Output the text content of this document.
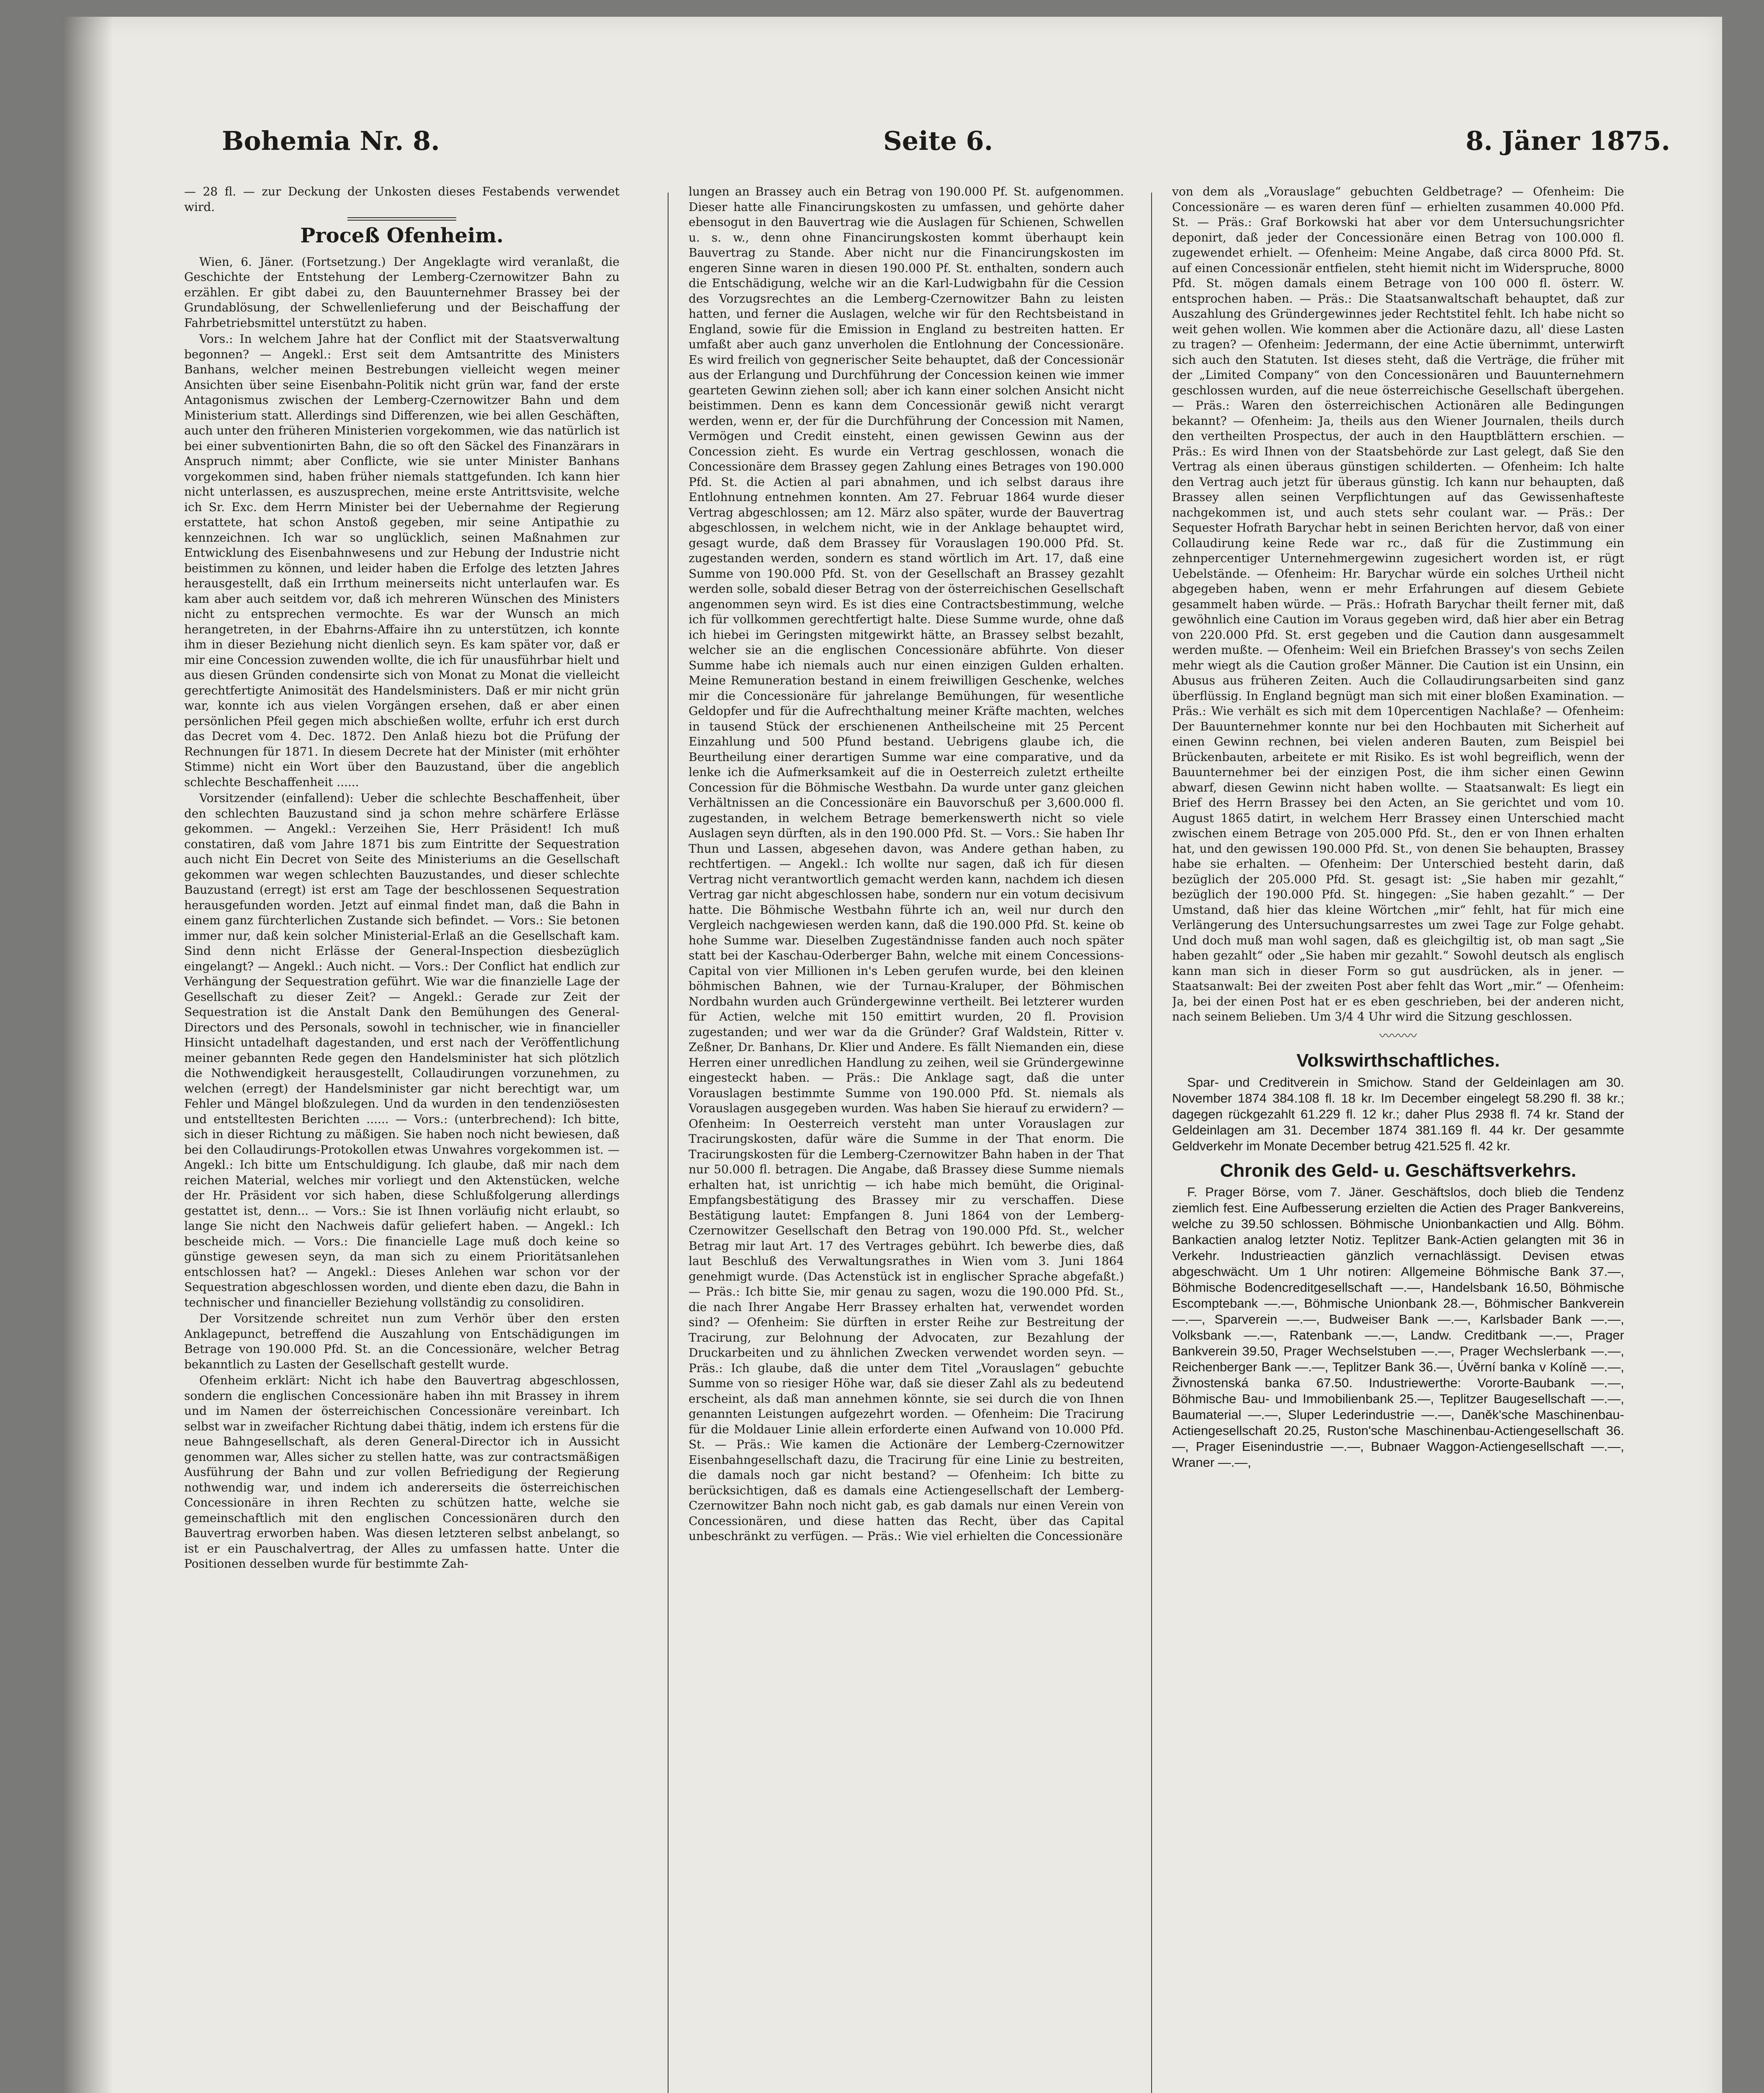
Bohemia Nr. 8.	Seite 6.	8. Jäner 1875.

— 28 fl. — zur Deckung der Unkosten dieses Festabends verwendet wird.

Proceß Ofenheim.

Wien, 6. Jäner. (Fortsetzung.) Der Angeklagte wird veranlaßt, die Geschichte der Entstehung der Lemberg-Czernowitzer Bahn zu erzählen. Er gibt dabei zu, den Bauunternehmer Brassey bei der Grundablösung, der Schwellenlieferung und der Beischaffung der Fahrbetriebsmittel unterstützt zu haben.

Vors.: In welchem Jahre hat der Conflict mit der Staatsverwaltung begonnen? — Angekl.: Erst seit dem Amtsantritte des Ministers Banhans, welcher meinen Bestrebungen vielleicht wegen meiner Ansichten über seine Eisenbahn-Politik nicht grün war, fand der erste Antagonismus zwischen der Lemberg-Czernowitzer Bahn und dem Ministerium statt. Allerdings sind Differenzen, wie bei allen Geschäften, auch unter den früheren Ministerien vorgekommen, wie das natürlich ist bei einer subventionirten Bahn, die so oft den Säckel des Finanzärars in Anspruch nimmt; aber Conflicte, wie sie unter Minister Banhans vorgekommen sind, haben früher niemals stattgefunden. Ich kann hier nicht unterlassen, es auszusprechen, meine erste Antrittsvisite, welche ich Sr. Exc. dem Herrn Minister bei der Uebernahme der Regierung erstattete, hat schon Anstoß gegeben, mir seine Antipathie zu kennzeichnen. Ich war so unglücklich, seinen Maßnahmen zur Entwicklung des Eisenbahnwesens und zur Hebung der Industrie nicht beistimmen zu können, und leider haben die Erfolge des letzten Jahres herausgestellt, daß ein Irrthum meinerseits nicht unterlaufen war. Es kam aber auch seitdem vor, daß ich mehreren Wünschen des Ministers nicht zu entsprechen vermochte. Es war der Wunsch an mich herangetreten, in der Ebahrns-Affaire ihn zu unterstützen, ich konnte ihm in dieser Beziehung nicht dienlich seyn. Es kam später vor, daß er mir eine Concession zuwenden wollte, die ich für unausführbar hielt und aus diesen Gründen condensirte sich von Monat zu Monat die vielleicht gerechtfertigte Animosität des Handelsministers. Daß er mir nicht grün war, konnte ich aus vielen Vorgängen ersehen, daß er aber einen persönlichen Pfeil gegen mich abschießen wollte, erfuhr ich erst durch das Decret vom 4. Dec. 1872. Den Anlaß hiezu bot die Prüfung der Rechnungen für 1871. In diesem Decrete hat der Minister (mit erhöhter Stimme) nicht ein Wort über den Bauzustand, über die angeblich schlechte Beschaffenheit ......

Vorsitzender (einfallend): Ueber die schlechte Beschaffenheit, über den schlechten Bauzustand sind ja schon mehre schärfere Erlässe gekommen. — Angekl.: Verzeihen Sie, Herr Präsident! Ich muß constatiren, daß vom Jahre 1871 bis zum Eintritte der Sequestration auch nicht Ein Decret von Seite des Ministeriums an die Gesellschaft gekommen war wegen schlechten Bauzustandes, und dieser schlechte Bauzustand (erregt) ist erst am Tage der beschlossenen Sequestration herausgefunden worden. Jetzt auf einmal findet man, daß die Bahn in einem ganz fürchterlichen Zustande sich befindet. — Vors.: Sie betonen immer nur, daß kein solcher Ministerial-Erlaß an die Gesellschaft kam. Sind denn nicht Erlässe der General-Inspection diesbezüglich eingelangt? — Angekl.: Auch nicht. — Vors.: Der Conflict hat endlich zur Verhängung der Sequestration geführt. Wie war die finanzielle Lage der Gesellschaft zu dieser Zeit? — Angekl.: Gerade zur Zeit der Sequestration ist die Anstalt Dank den Bemühungen des General-Directors und des Personals, sowohl in technischer, wie in financieller Hinsicht untadelhaft dagestanden, und erst nach der Veröffentlichung meiner gebannten Rede gegen den Handelsminister hat sich plötzlich die Nothwendigkeit herausgestellt, Collaudirungen vorzunehmen, zu welchen (erregt) der Handelsminister gar nicht berechtigt war, um Fehler und Mängel bloßzulegen. Und da wurden in den tendenziösesten und entstelltesten Berichten ...... — Vors.: (unterbrechend): Ich bitte, sich in dieser Richtung zu mäßigen. Sie haben noch nicht bewiesen, daß bei den Collaudirungs-Protokollen etwas Unwahres vorgekommen ist. — Angekl.: Ich bitte um Entschuldigung. Ich glaube, daß mir nach dem reichen Material, welches mir vorliegt und den Aktenstücken, welche der Hr. Präsident vor sich haben, diese Schlußfolgerung allerdings gestattet ist, denn... — Vors.: Sie ist Ihnen vorläufig nicht erlaubt, so lange Sie nicht den Nachweis dafür geliefert haben. — Angekl.: Ich bescheide mich. — Vors.: Die financielle Lage muß doch keine so günstige gewesen seyn, da man sich zu einem Prioritätsanlehen entschlossen hat? — Angekl.: Dieses Anlehen war schon vor der Sequestration abgeschlossen worden, und diente eben dazu, die Bahn in technischer und financieller Beziehung vollständig zu consolidiren.

Der Vorsitzende schreitet nun zum Verhör über den ersten Anklagepunct, betreffend die Auszahlung von Entschädigungen im Betrage von 190.000 Pfd. St. an die Concessionäre, welcher Betrag bekanntlich zu Lasten der Gesellschaft gestellt wurde.

Ofenheim erklärt: Nicht ich habe den Bauvertrag abgeschlossen, sondern die englischen Concessionäre haben ihn mit Brassey in ihrem und im Namen der österreichischen Concessionäre vereinbart. Ich selbst war in zweifacher Richtung dabei thätig, indem ich erstens für die neue Bahngesellschaft, als deren General-Director ich in Aussicht genommen war, Alles sicher zu stellen hatte, was zur contractsmäßigen Ausführung der Bahn und zur vollen Befriedigung der Regierung nothwendig war, und indem ich andererseits die österreichischen Concessionäre in ihren Rechten zu schützen hatte, welche sie gemeinschaftlich mit den englischen Concessionären durch den Bauvertrag erworben haben. Was diesen letzteren selbst anbelangt, so ist er ein Pauschalvertrag, der Alles zu umfassen hatte. Unter die Positionen desselben wurde für bestimmte Zah-

lungen an Brassey auch ein Betrag von 190.000 Pf. St. aufgenommen. Dieser hatte alle Financirungskosten zu umfassen, und gehörte daher ebensogut in den Bauvertrag wie die Auslagen für Schienen, Schwellen u. s. w., denn ohne Financirungskosten kommt überhaupt kein Bauvertrag zu Stande. Aber nicht nur die Financirungskosten im engeren Sinne waren in diesen 190.000 Pf. St. enthalten, sondern auch die Entschädigung, welche wir an die Karl-Ludwigbahn für die Cession des Vorzugsrechtes an die Lemberg-Czernowitzer Bahn zu leisten hatten, und ferner die Auslagen, welche wir für den Rechtsbeistand in England, sowie für die Emission in England zu bestreiten hatten. Er umfaßt aber auch ganz unverholen die Entlohnung der Concessionäre. Es wird freilich von gegnerischer Seite behauptet, daß der Concessionär aus der Erlangung und Durchführung der Concession keinen wie immer gearteten Gewinn ziehen soll; aber ich kann einer solchen Ansicht nicht beistimmen. Denn es kann dem Concessionär gewiß nicht verargt werden, wenn er, der für die Durchführung der Concession mit Namen, Vermögen und Credit einsteht, einen gewissen Gewinn aus der Concession zieht. Es wurde ein Vertrag geschlossen, wonach die Concessionäre dem Brassey gegen Zahlung eines Betrages von 190.000 Pfd. St. die Actien al pari abnahmen, und ich selbst daraus ihre Entlohnung entnehmen konnten. Am 27. Februar 1864 wurde dieser Vertrag abgeschlossen; am 12. März also später, wurde der Bauvertrag abgeschlossen, in welchem nicht, wie in der Anklage behauptet wird, gesagt wurde, daß dem Brassey für Vorauslagen 190.000 Pfd. St. zugestanden werden, sondern es stand wörtlich im Art. 17, daß eine Summe von 190.000 Pfd. St. von der Gesellschaft an Brassey gezahlt werden solle, sobald dieser Betrag von der österreichischen Gesellschaft angenommen seyn wird. Es ist dies eine Contractsbestimmung, welche ich für vollkommen gerechtfertigt halte. Diese Summe wurde, ohne daß ich hiebei im Geringsten mitgewirkt hätte, an Brassey selbst bezahlt, welcher sie an die englischen Concessionäre abführte. Von dieser Summe habe ich niemals auch nur einen einzigen Gulden erhalten. Meine Remuneration bestand in einem freiwilligen Geschenke, welches mir die Concessionäre für jahrelange Bemühungen, für wesentliche Geldopfer und für die Aufrechthaltung meiner Kräfte machten, welches in tausend Stück der erschienenen Antheilscheine mit 25 Percent Einzahlung und 500 Pfund bestand. Uebrigens glaube ich, die Beurtheilung einer derartigen Summe war eine comparative, und da lenke ich die Aufmerksamkeit auf die in Oesterreich zuletzt ertheilte Concession für die Böhmische Westbahn. Da wurde unter ganz gleichen Verhältnissen an die Concessionäre ein Bauvorschuß per 3,600.000 fl. zugestanden, in welchem Betrage bemerkenswerth nicht so viele Auslagen seyn dürften, als in den 190.000 Pfd. St. — Vors.: Sie haben Ihr Thun und Lassen, abgesehen davon, was Andere gethan haben, zu rechtfertigen. — Angekl.: Ich wollte nur sagen, daß ich für diesen Vertrag nicht verantwortlich gemacht werden kann, nachdem ich diesen Vertrag gar nicht abgeschlossen habe, sondern nur ein votum decisivum hatte. Die Böhmische Westbahn führte ich an, weil nur durch den Vergleich nachgewiesen werden kann, daß die 190.000 Pfd. St. keine ob hohe Summe war. Dieselben Zugeständnisse fanden auch noch später statt bei der Kaschau-Oderberger Bahn, welche mit einem Concessions-Capital von vier Millionen in's Leben gerufen wurde, bei den kleinen böhmischen Bahnen, wie der Turnau-Kraluper, der Böhmischen Nordbahn wurden auch Gründergewinne vertheilt. Bei letzterer wurden für Actien, welche mit 150 emittirt wurden, 20 fl. Provision zugestanden; und wer war da die Gründer? Graf Waldstein, Ritter v. Zeßner, Dr. Banhans, Dr. Klier und Andere. Es fällt Niemanden ein, diese Herren einer unredlichen Handlung zu zeihen, weil sie Gründergewinne eingesteckt haben. — Präs.: Die Anklage sagt, daß die unter Vorauslagen bestimmte Summe von 190.000 Pfd. St. niemals als Vorauslagen ausgegeben wurden. Was haben Sie hierauf zu erwidern? — Ofenheim: In Oesterreich versteht man unter Vorauslagen zur Tracirungskosten, dafür wäre die Summe in der That enorm. Die Tracirungskosten für die Lemberg-Czernowitzer Bahn haben in der That nur 50.000 fl. betragen. Die Angabe, daß Brassey diese Summe niemals erhalten hat, ist unrichtig — ich habe mich bemüht, die Original-Empfangsbestätigung des Brassey mir zu verschaffen. Diese Bestätigung lautet: Empfangen 8. Juni 1864 von der Lemberg-Czernowitzer Gesellschaft den Betrag von 190.000 Pfd. St., welcher Betrag mir laut Art. 17 des Vertrages gebührt. Ich bewerbe dies, daß laut Beschluß des Verwaltungsrathes in Wien vom 3. Juni 1864 genehmigt wurde. (Das Actenstück ist in englischer Sprache abgefaßt.) — Präs.: Ich bitte Sie, mir genau zu sagen, wozu die 190.000 Pfd. St., die nach Ihrer Angabe Herr Brassey erhalten hat, verwendet worden sind? — Ofenheim: Sie dürften in erster Reihe zur Bestreitung der Tracirung, zur Belohnung der Advocaten, zur Bezahlung der Druckarbeiten und zu ähnlichen Zwecken verwendet worden seyn. — Präs.: Ich glaube, daß die unter dem Titel „Vorauslagen“ gebuchte Summe von so riesiger Höhe war, daß sie dieser Zahl als zu bedeutend erscheint, als daß man annehmen könnte, sie sei durch die von Ihnen genannten Leistungen aufgezehrt worden. — Ofenheim: Die Tracirung für die Moldauer Linie allein erforderte einen Aufwand von 10.000 Pfd. St. — Präs.: Wie kamen die Actionäre der Lemberg-Czernowitzer Eisenbahngesellschaft dazu, die Tracirung für eine Linie zu bestreiten, die damals noch gar nicht bestand? — Ofenheim: Ich bitte zu berücksichtigen, daß es damals eine Actiengesellschaft der Lemberg-Czernowitzer Bahn noch nicht gab, es gab damals nur einen Verein von Concessionären, und diese hatten das Recht, über das Capital unbeschränkt zu verfügen. — Präs.: Wie viel erhielten die Concessionäre

von dem als „Vorauslage“ gebuchten Geldbetrage? — Ofenheim: Die Concessionäre — es waren deren fünf — erhielten zusammen 40.000 Pfd. St. — Präs.: Graf Borkowski hat aber vor dem Untersuchungsrichter deponirt, daß jeder der Concessionäre einen Betrag von 100.000 fl. zugewendet erhielt. — Ofenheim: Meine Angabe, daß circa 8000 Pfd. St. auf einen Concessionär entfielen, steht hiemit nicht im Widerspruche, 8000 Pfd. St. mögen damals einem Betrage von 100 000 fl. österr. W. entsprochen haben. — Präs.: Die Staatsanwaltschaft behauptet, daß zur Auszahlung des Gründergewinnes jeder Rechtstitel fehlt. Ich habe nicht so weit gehen wollen. Wie kommen aber die Actionäre dazu, all' diese Lasten zu tragen? — Ofenheim: Jedermann, der eine Actie übernimmt, unterwirft sich auch den Statuten. Ist dieses steht, daß die Verträge, die früher mit der „Limited Company“ von den Concessionären und Bauunternehmern geschlossen wurden, auf die neue österreichische Gesellschaft übergehen. — Präs.: Waren den österreichischen Actionären alle Bedingungen bekannt? — Ofenheim: Ja, theils aus den Wiener Journalen, theils durch den vertheilten Prospectus, der auch in den Hauptblättern erschien. — Präs.: Es wird Ihnen von der Staatsbehörde zur Last gelegt, daß Sie den Vertrag als einen überaus günstigen schilderten. — Ofenheim: Ich halte den Vertrag auch jetzt für überaus günstig. Ich kann nur behaupten, daß Brassey allen seinen Verpflichtungen auf das Gewissenhafteste nachgekommen ist, und auch stets sehr coulant war. — Präs.: Der Sequester Hofrath Barychar hebt in seinen Berichten hervor, daß von einer Collaudirung keine Rede war rc., daß für die Zustimmung ein zehnpercentiger Unternehmergewinn zugesichert worden ist, er rügt Uebelstände. — Ofenheim: Hr. Barychar würde ein solches Urtheil nicht abgegeben haben, wenn er mehr Erfahrungen auf diesem Gebiete gesammelt haben würde. — Präs.: Hofrath Barychar theilt ferner mit, daß gewöhnlich eine Caution im Voraus gegeben wird, daß hier aber ein Betrag von 220.000 Pfd. St. erst gegeben und die Caution dann ausgesammelt werden mußte. — Ofenheim: Weil ein Briefchen Brassey's von sechs Zeilen mehr wiegt als die Caution großer Männer. Die Caution ist ein Unsinn, ein Abusus aus früheren Zeiten. Auch die Collaudirungsarbeiten sind ganz überflüssig. In England begnügt man sich mit einer bloßen Examination. — Präs.: Wie verhält es sich mit dem 10percentigen Nachlaße? — Ofenheim: Der Bauunternehmer konnte nur bei den Hochbauten mit Sicherheit auf einen Gewinn rechnen, bei vielen anderen Bauten, zum Beispiel bei Brückenbauten, arbeitete er mit Risiko. Es ist wohl begreiflich, wenn der Bauunternehmer bei der einzigen Post, die ihm sicher einen Gewinn abwarf, diesen Gewinn nicht haben wollte. — Staatsanwalt: Es liegt ein Brief des Herrn Brassey bei den Acten, an Sie gerichtet und vom 10. August 1865 datirt, in welchem Herr Brassey einen Unterschied macht zwischen einem Betrage von 205.000 Pfd. St., den er von Ihnen erhalten hat, und den gewissen 190.000 Pfd. St., von denen Sie behaupten, Brassey habe sie erhalten. — Ofenheim: Der Unterschied besteht darin, daß bezüglich der 205.000 Pfd. St. gesagt ist: „Sie haben mir gezahlt,“ bezüglich der 190.000 Pfd. St. hingegen: „Sie haben gezahlt.“ — Der Umstand, daß hier das kleine Wörtchen „mir“ fehlt, hat für mich eine Verlängerung des Untersuchungsarrestes um zwei Tage zur Folge gehabt. Und doch muß man wohl sagen, daß es gleichgiltig ist, ob man sagt „Sie haben gezahlt“ oder „Sie haben mir gezahlt.“ Sowohl deutsch als englisch kann man sich in dieser Form so gut ausdrücken, als in jener. — Staatsanwalt: Bei der zweiten Post aber fehlt das Wort „mir.“ — Ofenheim: Ja, bei der einen Post hat er es eben geschrieben, bei der anderen nicht, nach seinem Belieben. Um 3/4 4 Uhr wird die Sitzung geschlossen.

〰〰〰
Volkswirthschaftliches.

Spar- und Creditverein in Smichow. Stand der Geldeinlagen am 30. November 1874 384.108 fl. 18 kr. Im December eingelegt 58.290 fl. 38 kr.; dagegen rückgezahlt 61.229 fl. 12 kr.; daher Plus 2938 fl. 74 kr. Stand der Geldeinlagen am 31. December 1874 381.169 fl. 44 kr. Der gesammte Geldverkehr im Monate December betrug 421.525 fl. 42 kr.

Chronik des Geld- u. Geschäftsverkehrs.

F. Prager Börse, vom 7. Jäner. Geschäftslos, doch blieb die Tendenz ziemlich fest. Eine Aufbesserung erzielten die Actien des Prager Bankvereins, welche zu 39.50 schlossen. Böhmische Unionbankactien und Allg. Böhm. Bankactien analog letzter Notiz. Teplitzer Bank-Actien gelangten mit 36 in Verkehr. Industrieactien gänzlich vernachlässigt. Devisen etwas abgeschwächt. Um 1 Uhr notiren: Allgemeine Böhmische Bank 37.—, Böhmische Bodencreditgesellschaft —.—, Handelsbank 16.50, Böhmische Escomptebank —.—, Böhmische Unionbank 28.—, Böhmischer Bankverein —.—, Sparverein —.—, Budweiser Bank —.—, Karlsbader Bank —.—, Volksbank —.—, Ratenbank —.—, Landw. Creditbank —.—, Prager Bankverein 39.50, Prager Wechselstuben —.—, Prager Wechslerbank —.—, Reichenberger Bank —.—, Teplitzer Bank 36.—, Úvěrní banka v Kolíně —.—, Živnostenská banka 67.50. Industriewerthe: Vororte-Baubank —.—, Böhmische Bau- und Immobilienbank 25.—, Teplitzer Baugesellschaft —.—, Baumaterial —.—, Sluper Lederindustrie —.—, Daněk'sche Maschinenbau-Actiengesellschaft 20.25, Ruston'sche Maschinenbau-Actiengesellschaft 36.—, Prager Eisenindustrie —.—, Bubnaer Waggon-Actiengesellschaft —.—, Wraner —.—,
